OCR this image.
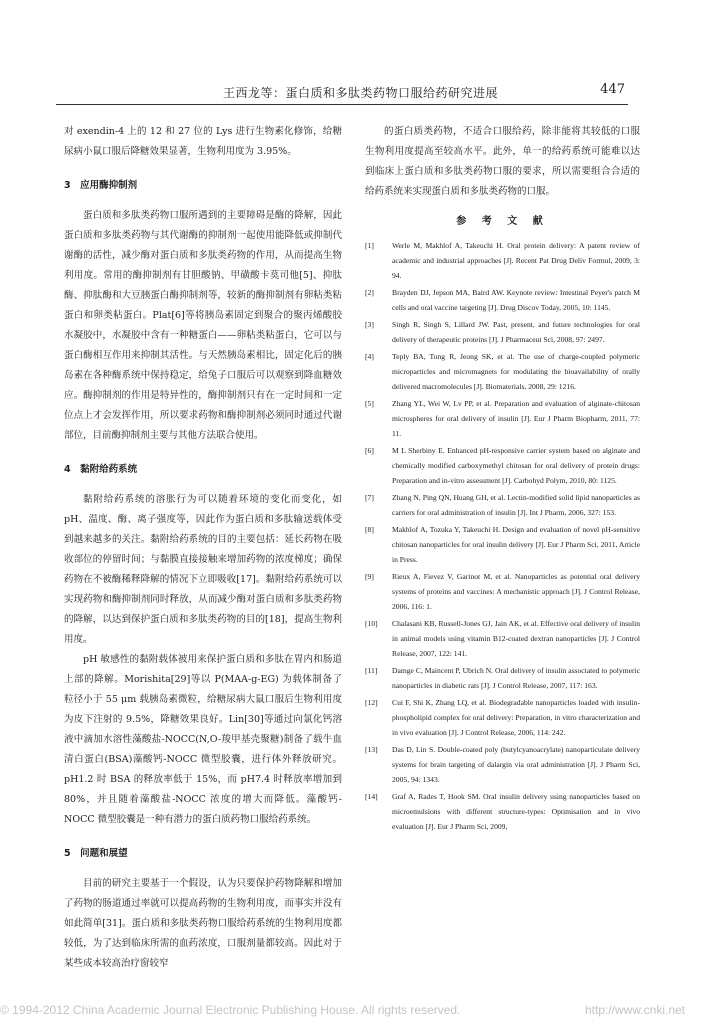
王西龙等：蛋白质和多肽类药物口服给药研究进展	447

对 exendin-4 上的 12 和 27 位的 Lys 进行生物素化修饰，给糖尿病小鼠口服后降糖效果显著，生物利用度为 3.95%。

3　应用酶抑制剂

蛋白质和多肽类药物口服所遇到的主要障碍是酶的降解，因此蛋白质和多肽类药物与其代谢酶的抑制剂一起使用能降低或抑制代谢酶的活性，减少酶对蛋白质和多肽类药物的作用，从而提高生物利用度。常用的酶抑制剂有甘胆酸钠、甲磺酸卡莫司他[5]、抑肽酶、抑肽酶和大豆胰蛋白酶抑制剂等，较新的酶抑制剂有卵粘类粘蛋白和卵类粘蛋白。Plat[6]等将胰岛素固定到聚合的聚丙烯酸胶水凝胶中，水凝胶中含有一种糖蛋白——卵粘类粘蛋白，它可以与蛋白酶相互作用来抑制其活性。与天然胰岛素相比，固定化后的胰岛素在各种酶系统中保持稳定，给兔子口服后可以观察到降血糖效应。酶抑制剂的作用是特异性的，酶抑制剂只有在一定时间和一定位点上才会发挥作用，所以要求药物和酶抑制剂必须同时通过代谢部位，目前酶抑制剂主要与其他方法联合使用。

4　黏附给药系统

黏附给药系统的溶胀行为可以随着环境的变化而变化，如 pH、温度、酶、离子强度等，因此作为蛋白质和多肽输送载体受到越来越多的关注。黏附给药系统的目的主要包括：延长药物在吸收部位的停留时间；与黏膜直接接触来增加药物的浓度梯度；确保药物在不被酶稀释降解的情况下立即吸收[17]。黏附给药系统可以实现药物和酶抑制剂同时释放，从而减少酶对蛋白质和多肽类药物的降解，以达到保护蛋白质和多肽类药物的目的[18]，提高生物利用度。

pH 敏感性的黏附载体被用来保护蛋白质和多肽在胃内和肠道上部的降解。Morishita[29]等以 P(MAA-g-EG) 为载体制备了粒径小于 55 μm 载胰岛素微粒，给糖尿病大鼠口服后生物利用度为皮下注射的 9.5%，降糖效果良好。Lin[30]等通过向氯化钙溶液中滴加水溶性藻酸盐-NOCC(N,O-羧甲基壳聚糖)制备了载牛血清白蛋白(BSA)藻酸钙-NOCC 微型胶囊，进行体外释放研究。pH1.2 时 BSA 的释放率低于 15%，而 pH7.4 时释放率增加到 80%，并且随着藻酸盐-NOCC 浓度的增大而降低。藻酸钙-NOCC 微型胶囊是一种有潜力的蛋白质药物口服给药系统。

5　问题和展望

目前的研究主要基于一个假设，认为只要保护药物降解和增加了药物的肠道通过率就可以提高药物的生物利用度，而事实并没有如此简单[31]。蛋白质和多肽类药物口服给药系统的生物利用度都较低，为了达到临床所需的血药浓度，口服剂量都较高。因此对于某些成本较高治疗窗较窄

的蛋白质类药物，不适合口服给药，除非能将其较低的口服生物利用度提高至较高水平。此外，单一的给药系统可能难以达到临床上蛋白质和多肽类药物口服的要求，所以需要组合合适的给药系统来实现蛋白质和多肽类药物的口服。

参 考 文 献
[1] Werle M, Makhlof A, Takeuchi H. Oral protein delivery: A patent review of academic and industrial approaches [J]. Recent Pat Drug Deliv Formul, 2009, 3: 94.
[2] Brayden DJ, Jepson MA, Baird AW. Keynote review: Intestinal Peyer's patch M cells and oral vaccine targeting [J]. Drug Discov Today, 2005, 10: 1145.
[3] Singh R, Singh S, Lillard JW. Past, present, and future technologies for oral delivery of therapeutic proteins [J]. J Pharmaceut Sci, 2008, 97: 2497.
[4] Teply BA, Tong R, Jeong SK, et al. The use of charge-coupled polymeric microparticles and micromagnets for modulating the bioavailability of orally delivered macromolecules [J]. Biomaterials, 2008, 29: 1216.
[5] Zhang YL, Wei W, Lv PP, et al. Preparation and evaluation of alginate-chitosan microspheres for oral delivery of insulin [J]. Eur J Pharm Biopharm, 2011, 77: 11.
[6] M L Sherbiny E. Enhanced pH-responsive carrier system based on alginate and chemically modified carboxymethyl chitosan for oral delivery of protein drugs: Preparation and in-vitro assessment [J]. Carbohyd Polym, 2010, 80: 1125.
[7] Zhang N, Ping QN, Huang GH, et al. Lectin-modified solid lipid nanoparticles as carriers for oral administration of insulin [J]. Int J Pharm, 2006, 327: 153.
[8] Makhlof A, Tozuka Y, Takeuchi H. Design and evaluation of novel pH-sensitive chitosan nanoparticles for oral insulin delivery [J]. Eur J Pharm Sci, 2011, Article in Press.
[9] Rieux A, Fievez V, Garinot M, et al. Nanoparticles as potential oral delivery systems of proteins and vaccines: A mechanistic approach [J]. J Control Release, 2006, 116: 1.
[10] Chalasani KB, Russell-Jones GJ, Jain AK, et al. Effective oral delivery of insulin in animal models using vitamin B12-coated dextran nanoparticles [J]. J Control Release, 2007, 122: 141.
[11] Damge C, Maincent P, Ubrich N. Oral delivery of insulin associated to polymeric nanoparticles in diabetic rats [J]. J Control Release, 2007, 117: 163.
[12] Cui F, Shi K, Zhang LQ, et al. Biodegradable nanoparticles loaded with insulin-phospholipid complex for oral delivery: Preparation, in vitro characterization and in vivo evaluation [J]. J Control Release, 2006, 114: 242.
[13] Das D, Lin S. Double-coated poly (butylcyanoacrylate) nanoparticulate delivery systems for brain targeting of dalargin via oral administration [J]. J Pharm Sci, 2005, 94: 1343.
[14] Graf A, Rades T, Hook SM. Oral insulin delivery using nanoparticles based on microemulsions with different structure-types: Optimisation and in vivo evaluation [J]. Eur J Pharm Sci, 2009,
© 1994-2012 China Academic Journal Electronic Publishing House. All rights reserved.	http://www.cnki.net
